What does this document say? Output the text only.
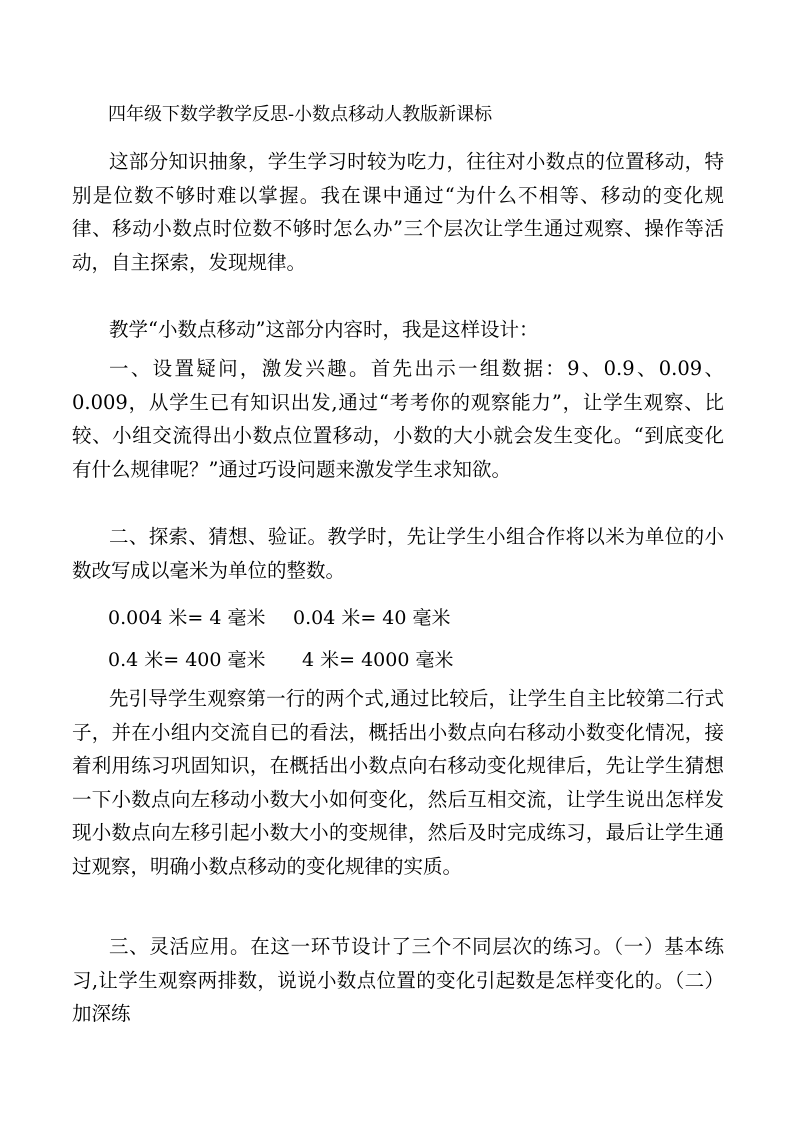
四年级下数学教学反思-小数点移动人教版新课标

这部分知识抽象，学生学习时较为吃力，往往对小数点的位置移动，特别是位数不够时难以掌握。我在课中通过“为什么不相等、移动的变化规律、移动小数点时位数不够时怎么办”三个层次让学生通过观察、操作等活动，自主探索，发现规律。

教学“小数点移动”这部分内容时，我是这样设计：

一、设置疑问，激发兴趣。首先出示一组数据：9、0.9、0.09、0.009，从学生已有知识出发,通过“考考你的观察能力”，让学生观察、比较、小组交流得出小数点位置移动，小数的大小就会发生变化。“到底变化有什么规律呢？”通过巧设问题来激发学生求知欲。

二、探索、猜想、验证。教学时，先让学生小组合作将以米为单位的小数改写成以毫米为单位的整数。

0.004 米= 4 毫米 0.04 米= 40 毫米
0.4 米= 400 毫米 4 米= 4000 毫米

先引导学生观察第一行的两个式,通过比较后，让学生自主比较第二行式子，并在小组内交流自已的看法，概括出小数点向右移动小数变化情况，接着利用练习巩固知识，在概括出小数点向右移动变化规律后，先让学生猜想一下小数点向左移动小数大小如何变化，然后互相交流，让学生说出怎样发现小数点向左移引起小数大小的变规律，然后及时完成练习，最后让学生通过观察，明确小数点移动的变化规律的实质。

三、灵活应用。在这一环节设计了三个不同层次的练习。（一）基本练习,让学生观察两排数，说说小数点位置的变化引起数是怎样变化的。（二）加深练
